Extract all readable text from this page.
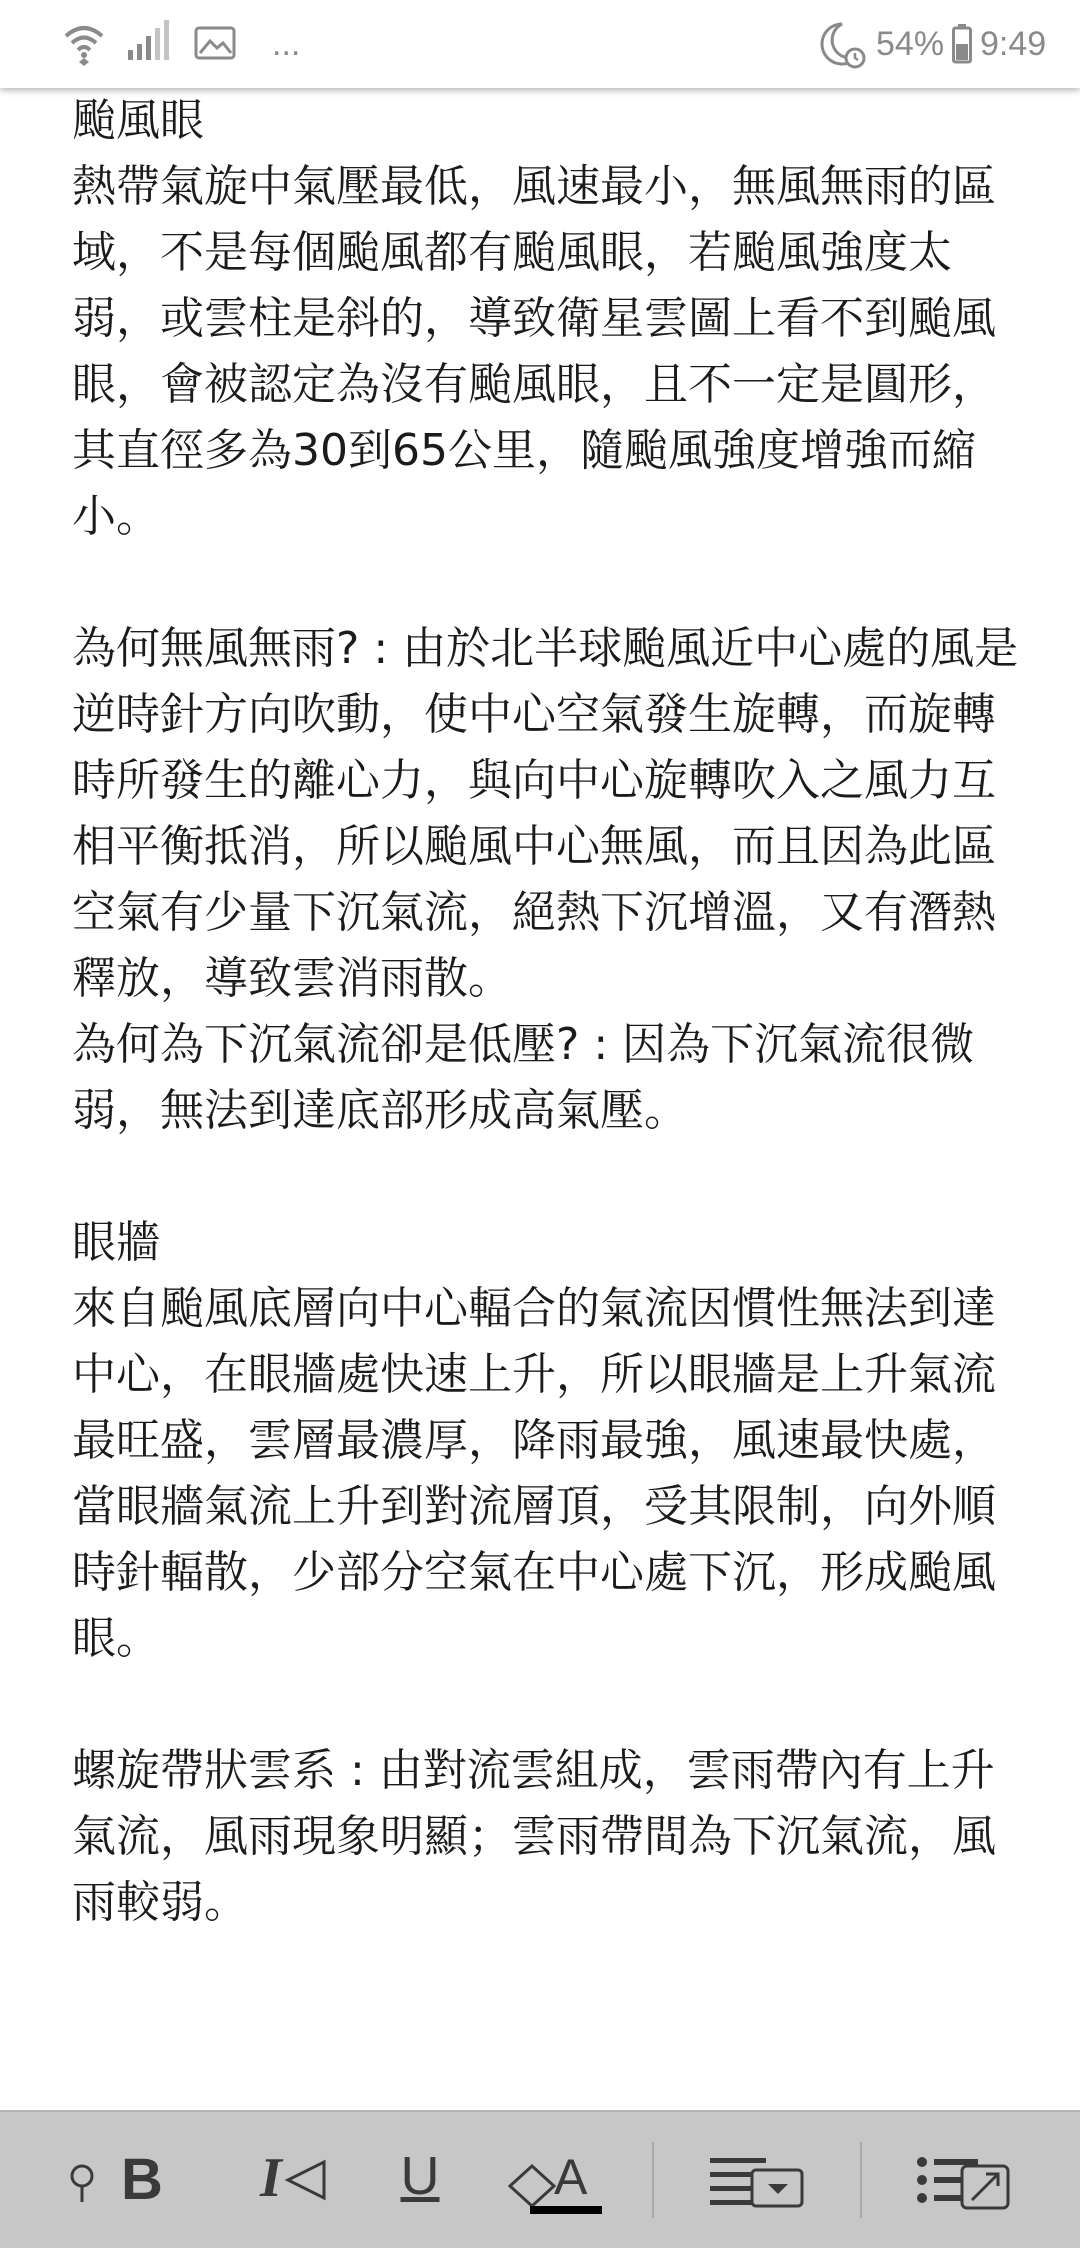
...	54% 9:49

颱風眼

熱帶氣旋中氣壓最低，風速最小，無風無雨的區域，不是每個颱風都有颱風眼，若颱風強度太弱，或雲柱是斜的，導致衛星雲圖上看不到颱風眼，會被認定為沒有颱風眼，且不一定是圓形，其直徑多為30到65公里，隨颱風強度增強而縮小。

為何無風無雨? : 由於北半球颱風近中心處的風是逆時針方向吹動，使中心空氣發生旋轉，而旋轉時所發生的離心力，與向中心旋轉吹入之風力互相平衡抵消，所以颱風中心無風，而且因為此區空氣有少量下沉氣流，絕熱下沉增溫，又有潛熱釋放，導致雲消雨散。

為何為下沉氣流卻是低壓? : 因為下沉氣流很微弱，無法到達底部形成高氣壓。

眼牆

來自颱風底層向中心輻合的氣流因慣性無法到達中心，在眼牆處快速上升，所以眼牆是上升氣流最旺盛，雲層最濃厚，降雨最強，風速最快處，當眼牆氣流上升到對流層頂，受其限制，向外順時針輻散，少部分空氣在中心處下沉，形成颱風眼。

螺旋帶狀雲系 : 由對流雲組成，雲雨帶內有上升氣流，風雨現象明顯；雲雨帶間為下沉氣流，風雨較弱。

B I U A
